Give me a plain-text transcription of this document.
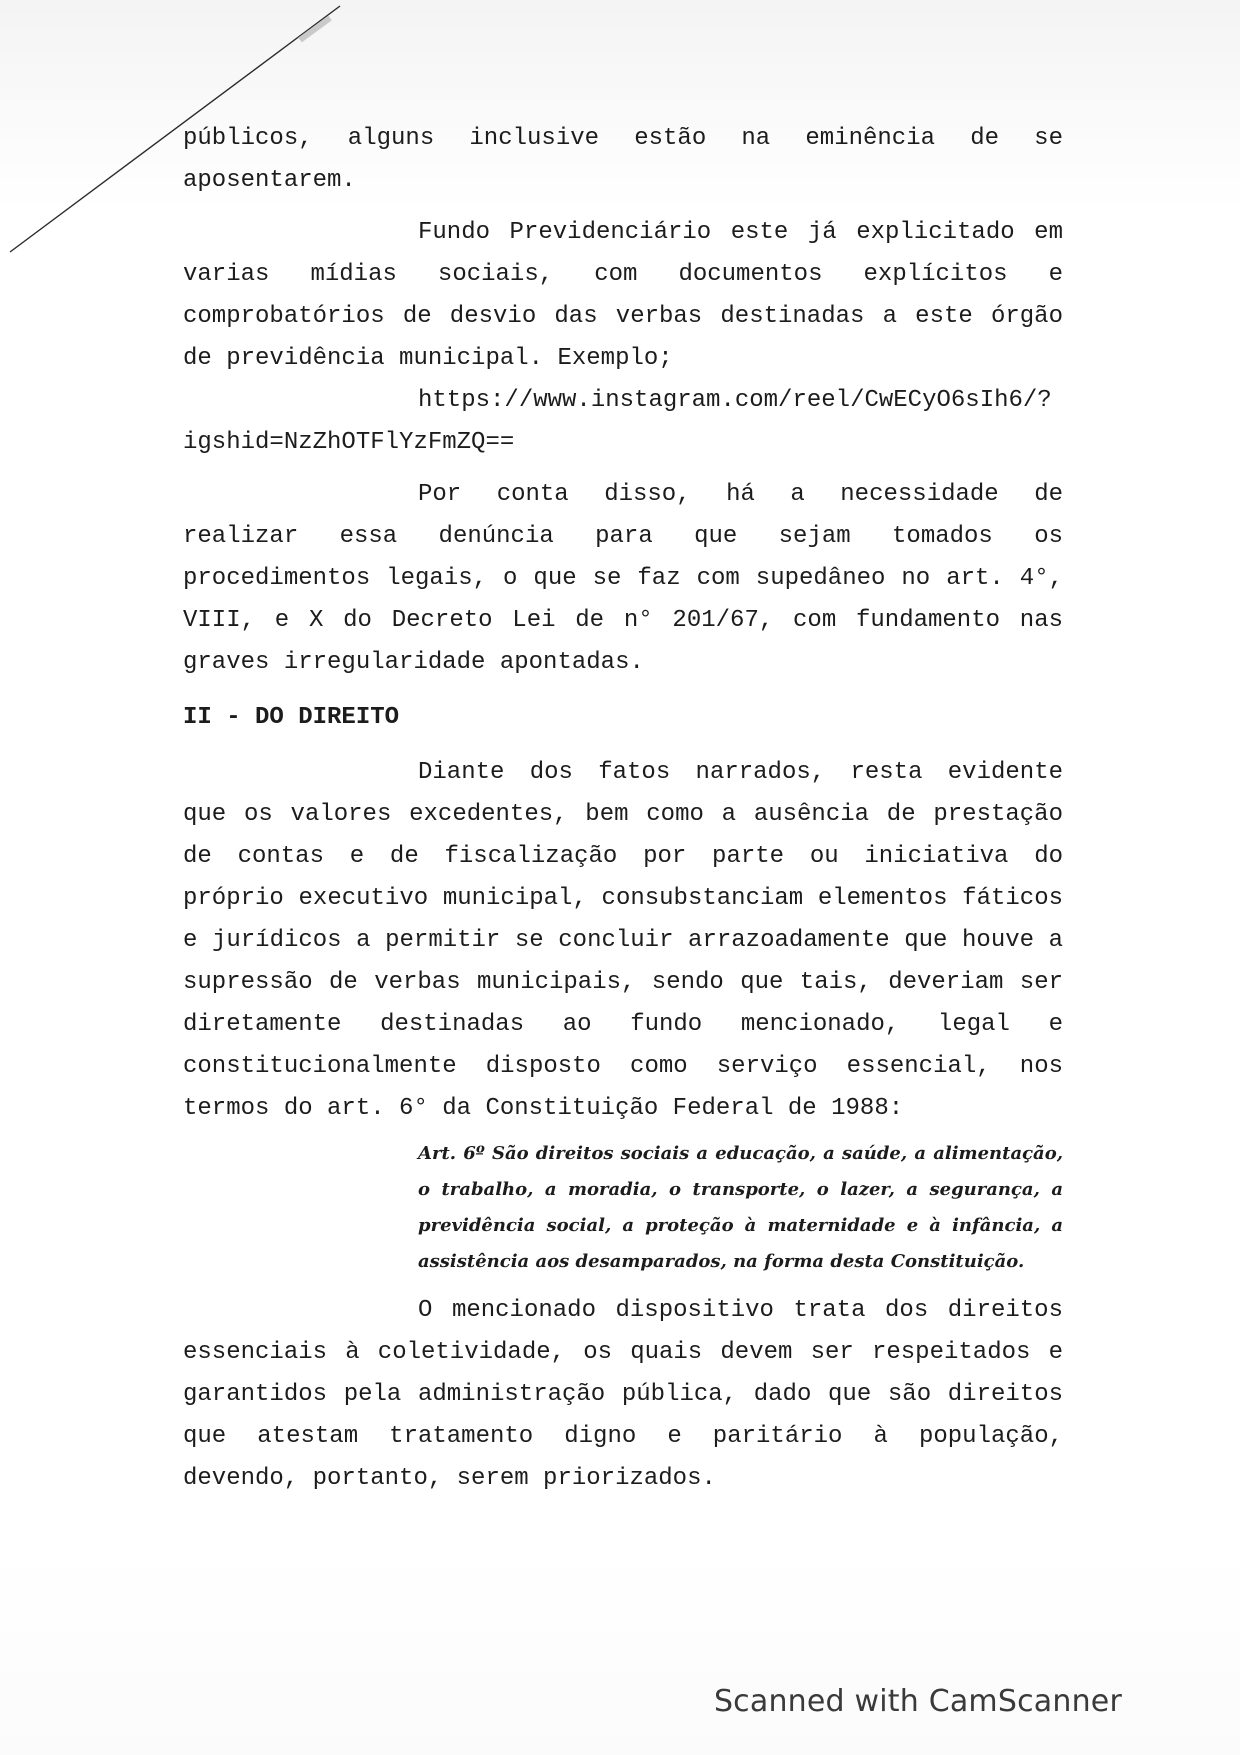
públicos, alguns inclusive estão na eminência de se aposentarem.

Fundo Previdenciário este já explicitado em varias mídias sociais, com documentos explícitos e comprobatórios de desvio das verbas destinadas a este órgão de previdência municipal. Exemplo;
https://www.instagram.com/reel/CwECyO6sIh6/?igshid=NzZhOTFlYzFmZQ==

Por conta disso, há a necessidade de realizar essa denúncia para que sejam tomados os procedimentos legais, o que se faz com supedâneo no art. 4°, VIII, e X do Decreto Lei de n° 201/67, com fundamento nas graves irregularidade apontadas.

II - DO DIREITO

Diante dos fatos narrados, resta evidente que os valores excedentes, bem como a ausência de prestação de contas e de fiscalização por parte ou iniciativa do próprio executivo municipal, consubstanciam elementos fáticos e jurídicos a permitir se concluir arrazoadamente que houve a supressão de verbas municipais, sendo que tais, deveriam ser diretamente destinadas ao fundo mencionado, legal e constitucionalmente disposto como serviço essencial, nos termos do art. 6° da Constituição Federal de 1988:

Art. 6º São direitos sociais a educação, a saúde, a alimentação, o trabalho, a moradia, o transporte, o lazer, a segurança, a previdência social, a proteção à maternidade e à infância, a assistência aos desamparados, na forma desta Constituição.

O mencionado dispositivo trata dos direitos essenciais à coletividade, os quais devem ser respeitados e garantidos pela administração pública, dado que são direitos que atestam tratamento digno e paritário à população, devendo, portanto, serem priorizados.

Scanned with CamScanner
